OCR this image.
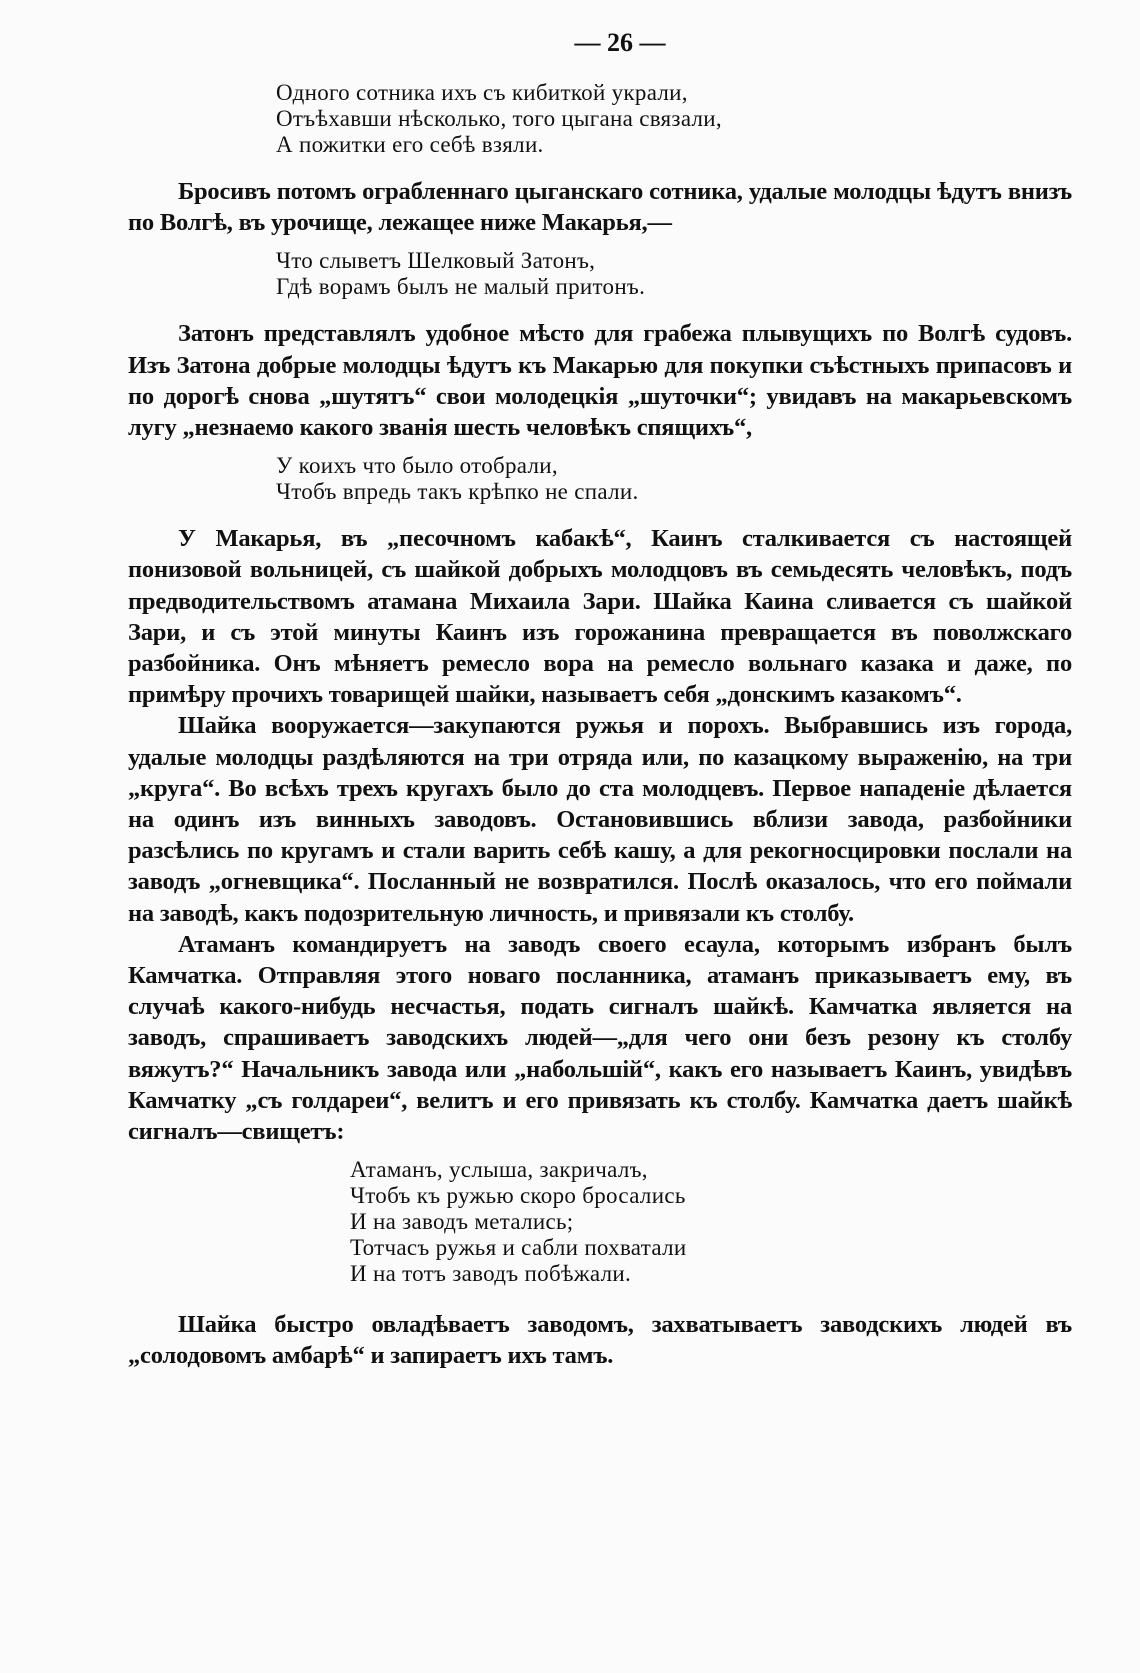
— 26 —
Одного сотника ихъ съ кибиткой украли,
Отъѣхавши нѣсколько, того цыгана связали,
А пожитки его себѣ взяли.

Бросивъ потомъ ограбленнаго цыганскаго сотника, удалые молодцы ѣдутъ внизъ по Волгѣ, въ урочище, лежащее ниже Макарья,—

Что слыветъ Шелковый Затонъ,
Гдѣ ворамъ былъ не малый притонъ.

Затонъ представлялъ удобное мѣсто для грабежа плывущихъ по Волгѣ судовъ. Изъ Затона добрые молодцы ѣдутъ къ Макарью для покупки съѣстныхъ припасовъ и по дорогѣ снова „шутятъ“ свои молодецкія „шуточки“; увидавъ на макарьевскомъ лугу „незнаемо какого званія шесть человѣкъ спящихъ“,

У коихъ что было отобрали,
Чтобъ впредь такъ крѣпко не спали.

У Макарья, въ „песочномъ кабакѣ“, Каинъ сталкивается съ настоящей понизовой вольницей, съ шайкой добрыхъ молодцовъ въ семьдесять человѣкъ, подъ предводительствомъ атамана Михаила Зари. Шайка Каина сливается съ шайкой Зари, и съ этой минуты Каинъ изъ горожанина превращается въ поволжскаго разбойника. Онъ мѣняетъ ремесло вора на ремесло вольнаго казака и даже, по примѣру прочихъ товарищей шайки, называетъ себя „донскимъ казакомъ“.

Шайка вооружается—закупаются ружья и порохъ. Выбравшись изъ города, удалые молодцы раздѣляются на три отряда или, по казацкому выраженію, на три „круга“. Во всѣхъ трехъ кругахъ было до ста молодцевъ. Первое нападеніе дѣлается на одинъ изъ винныхъ заводовъ. Остановившись вблизи завода, разбойники разсѣлись по кругамъ и стали варить себѣ кашу, а для рекогносцировки послали на заводъ „огневщика“. Посланный не возвратился. Послѣ оказалось, что его поймали на заводѣ, какъ подозрительную личность, и привязали къ столбу.

Атаманъ командируетъ на заводъ своего есаула, которымъ избранъ былъ Камчатка. Отправляя этого новаго посланника, атаманъ приказываетъ ему, въ случаѣ какого-нибудь несчастья, подать сигналъ шайкѣ. Камчатка является на заводъ, спрашиваетъ заводскихъ людей—„для чего они безъ резону къ столбу вяжутъ?“ Начальникъ завода или „набольшій“, какъ его называетъ Каинъ, увидѣвъ Камчатку „съ голдареи“, велитъ и его привязать къ столбу. Камчатка даетъ шайкѣ сигналъ—свищетъ:

Атаманъ, услыша, закричалъ,
Чтобъ къ ружью скоро бросались
И на заводъ метались;
Тотчасъ ружья и сабли похватали
И на тотъ заводъ побѣжали.

Шайка быстро овладѣваетъ заводомъ, захватываетъ заводскихъ людей въ „солодовомъ амбарѣ“ и запираетъ ихъ тамъ.
